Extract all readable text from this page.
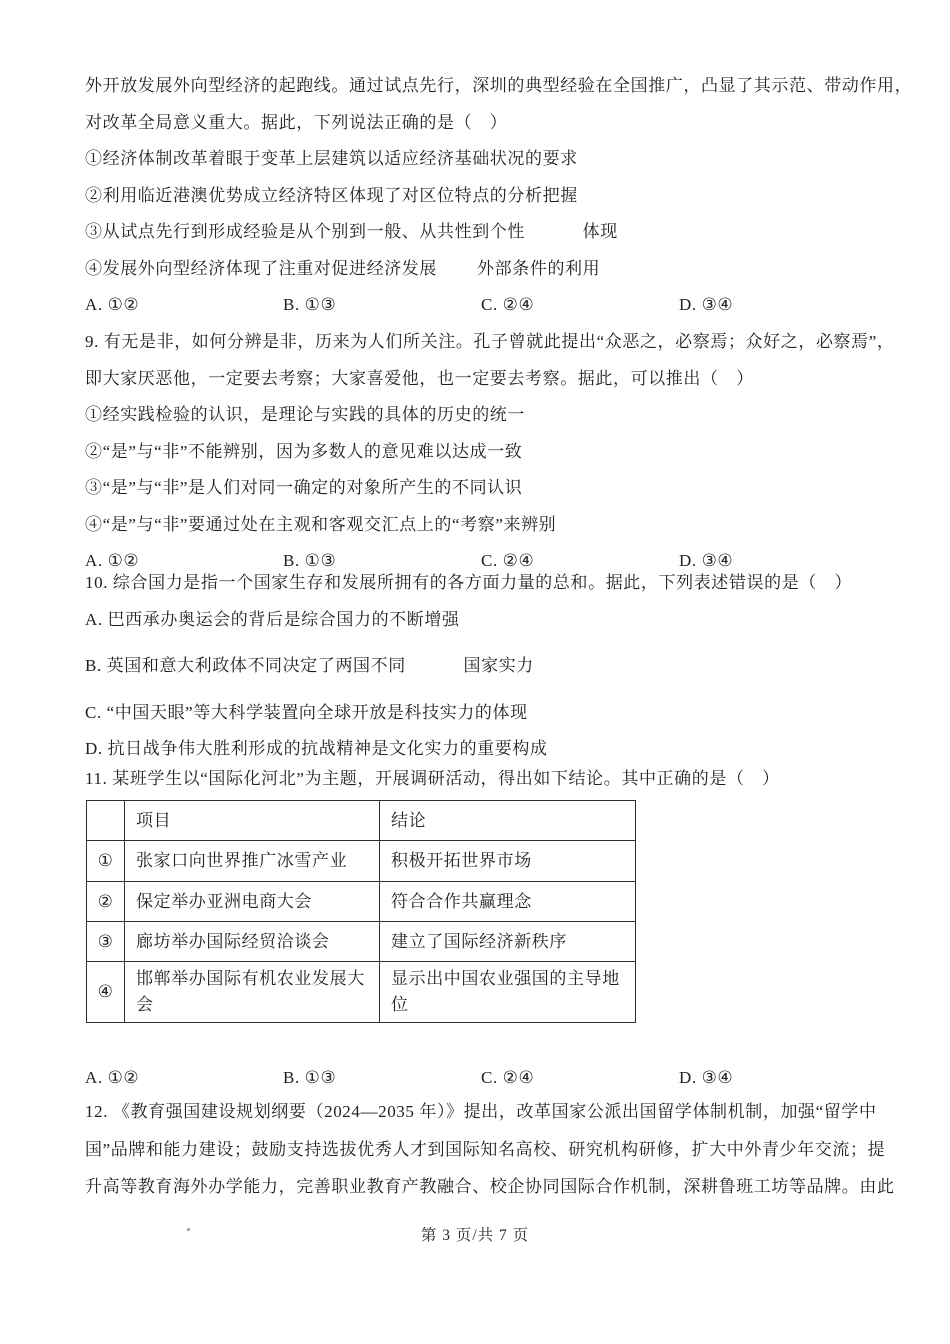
外开放发展外向型经济的起跑线。通过试点先行，深圳的典型经验在全国推广，凸显了其示范、带动作用，
对改革全局意义重大。据此，下列说法正确的是（　）
①经济体制改革着眼于变革上层建筑以适应经济基础状况的要求
②利用临近港澳优势成立经济特区体现了对区位特点的分析把握
③从试点先行到形成经验是从个别到一般、从共性到个性　　　 体现
④发展外向型经济体现了注重对促进经济发展　　 外部条件的利用
A. ①②	B. ①③	C. ②④	D. ③④
9. 有无是非，如何分辨是非，历来为人们所关注。孔子曾就此提出“众恶之，必察焉；众好之，必察焉”，
即大家厌恶他，一定要去考察；大家喜爱他，也一定要去考察。据此，可以推出（　）
①经实践检验的认识，是理论与实践的具体的历史的统一
②“是”与“非”不能辨别，因为多数人的意见难以达成一致
③“是”与“非”是人们对同一确定的对象所产生的不同认识
④“是”与“非”要通过处在主观和客观交汇点上的“考察”来辨别
A. ①②	B. ①③	C. ②④	D. ③④
10. 综合国力是指一个国家生存和发展所拥有的各方面力量的总和。据此，下列表述错误的是（　）
A. 巴西承办奥运会的背后是综合国力的不断增强
B. 英国和意大利政体不同决定了两国不同　　　 国家实力
C. “中国天眼”等大科学装置向全球开放是科技实力的体现
D. 抗日战争伟大胜利形成的抗战精神是文化实力的重要构成
11. 某班学生以“国际化河北”为主题，开展调研活动，得出如下结论。其中正确的是（　）
	项目	结论
①	张家口向世界推广冰雪产业	积极开拓世界市场
②	保定举办亚洲电商大会	符合合作共赢理念
③	廊坊举办国际经贸洽谈会	建立了国际经济新秩序
④	邯郸举办国际有机农业发展大会	显示出中国农业强国的主导地位
A. ①②	B. ①③	C. ②④	D. ③④
12. 《教育强国建设规划纲要（2024—2035 年）》提出，改革国家公派出国留学体制机制，加强“留学中
国”品牌和能力建设；鼓励支持选拔优秀人才到国际知名高校、研究机构研修，扩大中外青少年交流；提
升高等教育海外办学能力，完善职业教育产教融合、校企协同国际合作机制，深耕鲁班工坊等品牌。由此
第 3 页/共 7 页
